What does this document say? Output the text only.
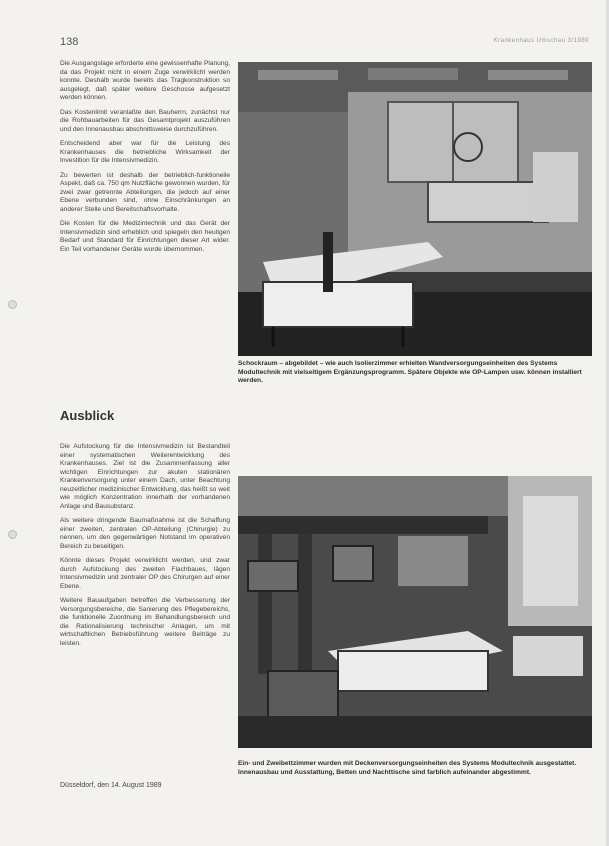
138	Krankenhaus Umschau 3/1989

Die Ausgangslage erforderte eine gewissenhafte Planung, da das Projekt nicht in einem Zuge verwirklicht werden konnte. Deshalb wurde bereits das Tragkonstruktion so ausgelegt, daß später weitere Geschosse aufgesetzt werden können.

Das Kostenlimit veranlaßte den Bauherrn, zunächst nur die Rohbauarbeiten für das Gesamtprojekt auszuführen und den Innenausbau abschnittsweise durchzuführen.

Entscheidend aber war für die Leistung des Krankenhauses die betriebliche Wirksamkeit der Investition für die Intensivmedizin.

Zu bewerten ist deshalb der betrieblich-funktionelle Aspekt, daß ca. 750 qm Nutzfläche gewonnen wurden, für zwei zwar getrennte Abteilungen, die jedoch auf einer Ebene verbunden sind, ohne Einschränkungen an anderer Stelle und Bereitschaftsvorhalte.

Die Kosten für die Medizintechnik und das Gerät der Intensivmedizin sind erheblich und spiegeln den heutigen Bedarf und Standard für Einrichtungen dieser Art wider. Ein Teil vorhandener Geräte wurde übernommen.

Ausblick

Die Aufstockung für die Intensivmedizin ist Bestandteil einer systematischen Weiterentwicklung des Krankenhauses. Ziel ist die Zusammenfassung aller wichtigen Einrichtungen zur akuten stationären Krankenversorgung unter einem Dach, unter Beachtung neuzeitlicher medizinischer Entwicklung, das heißt so weit wie möglich Konzentration innerhalb der vorhandenen Anlage und Bausubstanz.

Als weitere dringende Baumaßnahme ist die Schaffung einer zweiten, zentralen OP-Abteilung (Chirurgie) zu nennen, um den gegenwärtigen Notstand im operativen Bereich zu beseitigen.

Könnte dieses Projekt verwirklicht werden, und zwar durch Aufstockung des zweiten Flachbaues, lägen Intensivmedizin und zentraler OP des Chirurgen auf einer Ebene.

Weitere Bauaufgaben betreffen die Verbesserung der Versorgungsbereiche, die Sanierung des Pflegebereichs, die funktionelle Zuordnung im Behandlungsbereich und die Rationalisierung technischer Anlagen, um mit wirtschaftlichen Betriebsführung weitere Beiträge zu leisten.

Düsseldorf, den 14. August 1989
Schockraum – abgebildet – wie auch Isolierzimmer erhielten Wandversorgungseinheiten des Systems Modultechnik mit vielseitigem Ergänzungsprogramm. Spätere Objekte wie OP-Lampen usw. können installiert werden.
Ein- und Zweibettzimmer wurden mit Deckenversorgungseinheiten des Systems Modultechnik ausgestattet. Innenausbau und Ausstattung, Betten und Nachttische sind farblich aufeinander abgestimmt.
